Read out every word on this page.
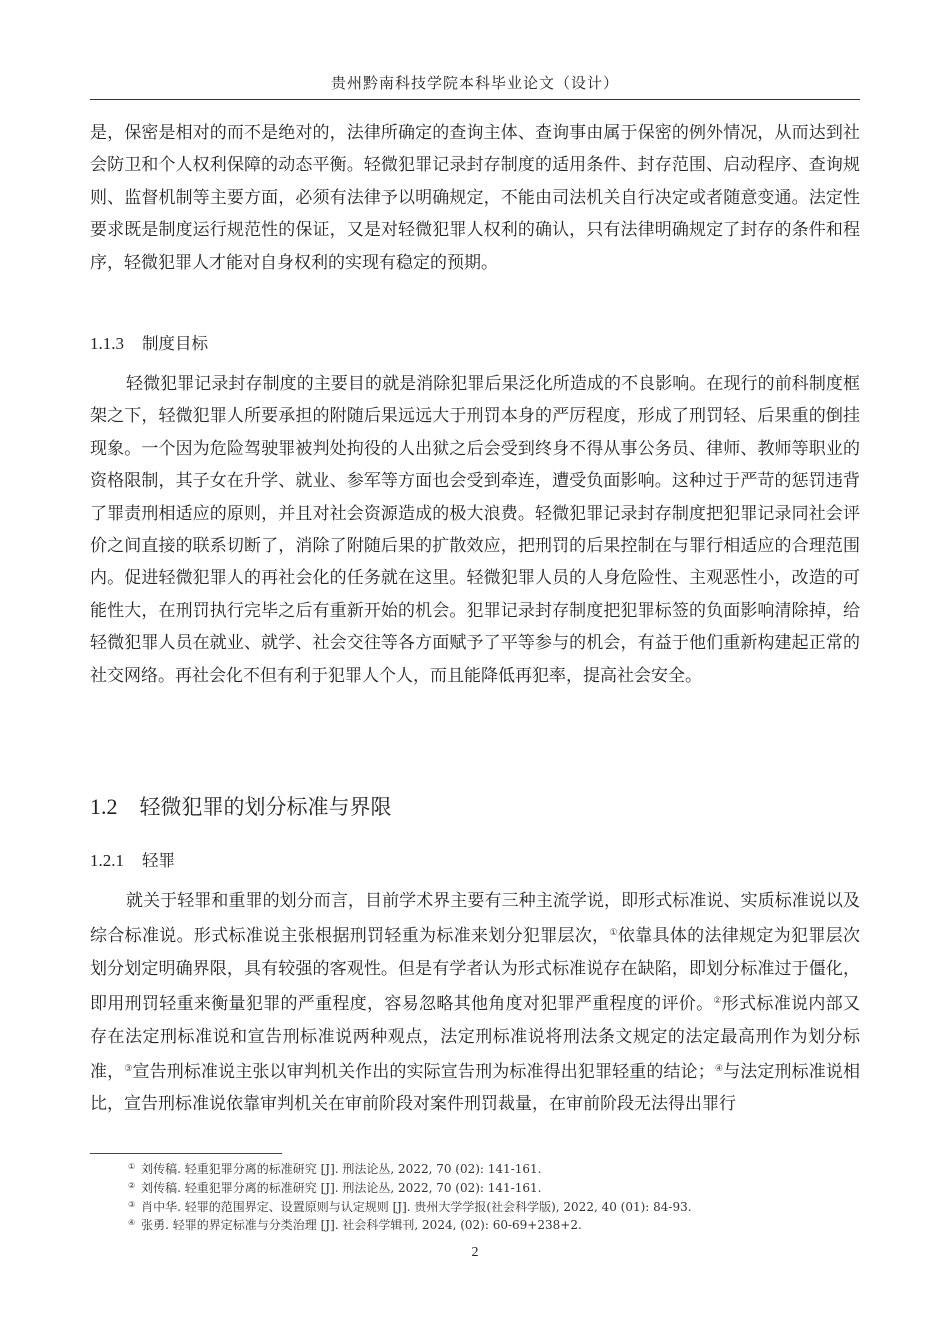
贵州黔南科技学院本科毕业论文（设计）

是，保密是相对的而不是绝对的，法律所确定的查询主体、查询事由属于保密的例外情况，从而达到社会防卫和个人权利保障的动态平衡。轻微犯罪记录封存制度的适用条件、封存范围、启动程序、查询规则、监督机制等主要方面，必须有法律予以明确规定，不能由司法机关自行决定或者随意变通。法定性要求既是制度运行规范性的保证，又是对轻微犯罪人权利的确认，只有法律明确规定了封存的条件和程序，轻微犯罪人才能对自身权利的实现有稳定的预期。

1.1.3 制度目标

轻微犯罪记录封存制度的主要目的就是消除犯罪后果泛化所造成的不良影响。在现行的前科制度框架之下，轻微犯罪人所要承担的附随后果远远大于刑罚本身的严厉程度，形成了刑罚轻、后果重的倒挂现象。一个因为危险驾驶罪被判处拘役的人出狱之后会受到终身不得从事公务员、律师、教师等职业的资格限制，其子女在升学、就业、参军等方面也会受到牵连，遭受负面影响。这种过于严苛的惩罚违背了罪责刑相适应的原则，并且对社会资源造成的极大浪费。轻微犯罪记录封存制度把犯罪记录同社会评价之间直接的联系切断了，消除了附随后果的扩散效应，把刑罚的后果控制在与罪行相适应的合理范围内。促进轻微犯罪人的再社会化的任务就在这里。轻微犯罪人员的人身危险性、主观恶性小，改造的可能性大，在刑罚执行完毕之后有重新开始的机会。犯罪记录封存制度把犯罪标签的负面影响清除掉，给轻微犯罪人员在就业、就学、社会交往等各方面赋予了平等参与的机会，有益于他们重新构建起正常的社交网络。再社会化不但有利于犯罪人个人，而且能降低再犯率，提高社会安全。

1.2 轻微犯罪的划分标准与界限
1.2.1 轻罪

就关于轻罪和重罪的划分而言，目前学术界主要有三种主流学说，即形式标准说、实质标准说以及综合标准说。形式标准说主张根据刑罚轻重为标准来划分犯罪层次，①依靠具体的法律规定为犯罪层次划分划定明确界限，具有较强的客观性。但是有学者认为形式标准说存在缺陷，即划分标准过于僵化，即用刑罚轻重来衡量犯罪的严重程度，容易忽略其他角度对犯罪严重程度的评价。②形式标准说内部又存在法定刑标准说和宣告刑标准说两种观点，法定刑标准说将刑法条文规定的法定最高刑作为划分标准，③宣告刑标准说主张以审判机关作出的实际宣告刑为标准得出犯罪轻重的结论；④与法定刑标准说相比，宣告刑标准说依靠审判机关在审前阶段对案件刑罚裁量，在审前阶段无法得出罪行

① 刘传稿. 轻重犯罪分离的标准研究 [J]. 刑法论丛, 2022, 70 (02): 141-161.
② 刘传稿. 轻重犯罪分离的标准研究 [J]. 刑法论丛, 2022, 70 (02): 141-161.
③ 肖中华. 轻罪的范围界定、设置原则与认定规则 [J]. 贵州大学学报(社会科学版), 2022, 40 (01): 84-93.
④ 张勇. 轻罪的界定标准与分类治理 [J]. 社会科学辑刊, 2024, (02): 60-69+238+2.
2
